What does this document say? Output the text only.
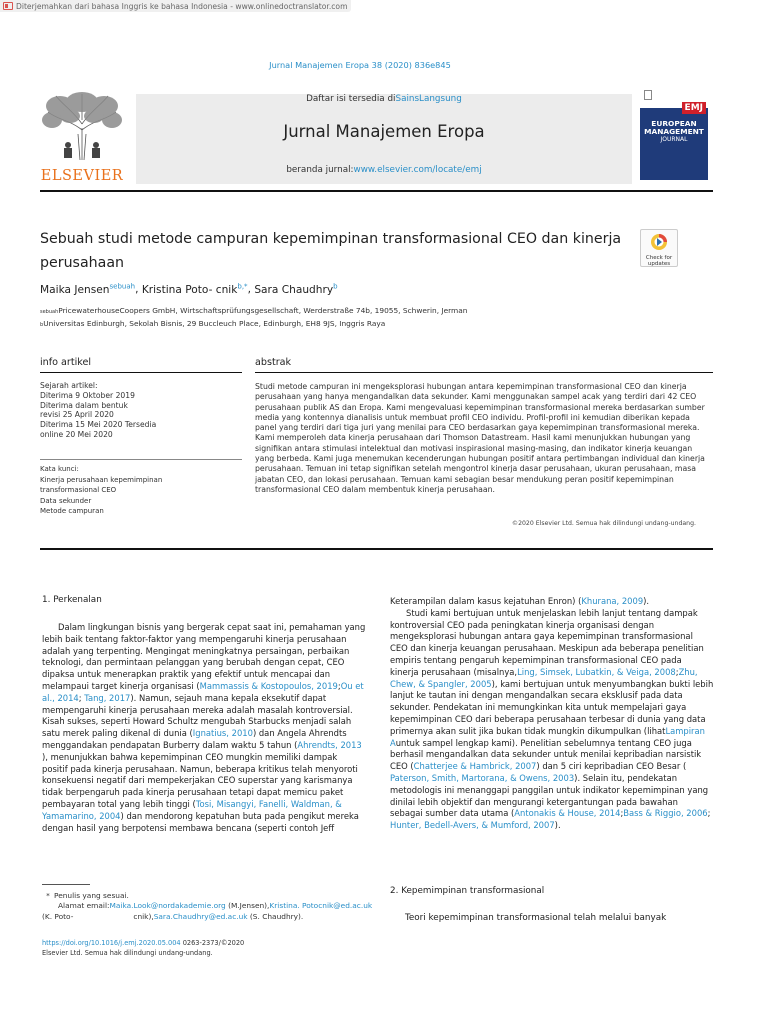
Diterjemahkan dari bahasa Inggris ke bahasa Indonesia - www.onlinedoctranslator.com
Jurnal Manajemen Eropa 38 (2020) 836e845
ELSEVIER
Daftar isi tersedia diSainsLangsung
Jurnal Manajemen Eropa
beranda jurnal:www.elsevier.com/locate/emj
EMJ
EUROPEAN
MANAGEMENT
JOURNAL
Sebuah studi metode campuran kepemimpinan transformasional CEO dan kinerja perusahaan	Check for
updates
Maika Jensen$^{sebuah}$, Kristina Poto- cnik$^{b,*}$, Sara Chaudhry$^b$
sebuahPricewaterhouseCoopers GmbH, Wirtschaftsprüfungsgesellschaft, Werderstraße 74b, 19055, Schwerin, Jerman
bUniversitas Edinburgh, Sekolah Bisnis, 29 Buccleuch Place, Edinburgh, EH8 9JS, Inggris Raya
info artikel
Sejarah artikel:
Diterima 9 Oktober 2019
Diterima dalam bentuk
revisi 25 April 2020
Diterima 15 Mei 2020 Tersedia
online 20 Mei 2020
Kata kunci:
Kinerja perusahaan kepemimpinan
transformasional CEO
Data sekunder
Metode campuran
abstrak
Studi metode campuran ini mengeksplorasi hubungan antara kepemimpinan transformasional CEO dan kinerja
perusahaan yang hanya mengandalkan data sekunder. Kami menggunakan sampel acak yang terdiri dari 42 CEO
perusahaan publik AS dan Eropa. Kami mengevaluasi kepemimpinan transformasional mereka berdasarkan sumber
media yang kontennya dianalisis untuk membuat profil CEO individu. Profil-profil ini kemudian diberikan kepada
panel yang terdiri dari tiga juri yang menilai para CEO berdasarkan gaya kepemimpinan transformasional mereka.
Kami memperoleh data kinerja perusahaan dari Thomson Datastream. Hasil kami menunjukkan hubungan yang
signifikan antara stimulasi intelektual dan motivasi inspirasional masing-masing, dan indikator kinerja keuangan
yang berbeda. Kami juga menemukan kecenderungan hubungan positif antara pertimbangan individual dan kinerja
perusahaan. Temuan ini tetap signifikan setelah mengontrol kinerja dasar perusahaan, ukuran perusahaan, masa
jabatan CEO, dan lokasi perusahaan. Temuan kami sebagian besar mendukung peran positif kepemimpinan
transformasional CEO dalam membentuk kinerja perusahaan.
©2020 Elsevier Ltd. Semua hak dilindungi undang-undang.
1. Perkenalan
Dalam lingkungan bisnis yang bergerak cepat saat ini, pemahaman yang
lebih baik tentang faktor-faktor yang mempengaruhi kinerja perusahaan
adalah yang terpenting. Mengingat meningkatnya persaingan, perbaikan
teknologi, dan permintaan pelanggan yang berubah dengan cepat, CEO
dipaksa untuk menerapkan praktik yang efektif untuk mencapai dan
melampaui target kinerja organisasi (Mammassis & Kostopoulos, 2019;Ou et
al., 2014; Tang, 2017). Namun, sejauh mana kepala eksekutif dapat
mempengaruhi kinerja perusahaan mereka adalah masalah kontroversial.
Kisah sukses, seperti Howard Schultz mengubah Starbucks menjadi salah
satu merek paling dikenal di dunia (Ignatius, 2010) dan Angela Ahrendts
menggandakan pendapatan Burberry dalam waktu 5 tahun (Ahrendts, 2013
), menunjukkan bahwa kepemimpinan CEO mungkin memiliki dampak
positif pada kinerja perusahaan. Namun, beberapa kritikus telah menyoroti
konsekuensi negatif dari mempekerjakan CEO superstar yang karismanya
tidak berpengaruh pada kinerja perusahaan tetapi dapat memicu paket
pembayaran total yang lebih tinggi (Tosi, Misangyi, Fanelli, Waldman, &
Yamamarino, 2004) dan mendorong kepatuhan buta pada pengikut mereka
dengan hasil yang berpotensi membawa bencana (seperti contoh Jeff
* Penulis yang sesuai.
Alamat email:Maika.Look@nordakademie.org (M.Jensen),Kristina. Potocnik@ed.ac.uk
(K. Poto-	cnik),Sara.Chaudhry@ed.ac.uk (S. Chaudhry).
https://doi.org/10.1016/j.emj.2020.05.004 0263-2373/©2020
Elsevier Ltd. Semua hak dilindungi undang-undang.
Keterampilan dalam kasus kejatuhan Enron) (Khurana, 2009).
Studi kami bertujuan untuk menjelaskan lebih lanjut tentang dampak
kontroversial CEO pada peningkatan kinerja organisasi dengan
mengeksplorasi hubungan antara gaya kepemimpinan transformasional
CEO dan kinerja keuangan perusahaan. Meskipun ada beberapa penelitian
empiris tentang pengaruh kepemimpinan transformasional CEO pada
kinerja perusahaan (misalnya,Ling, Simsek, Lubatkin, & Veiga, 2008;Zhu,
Chew, & Spangler, 2005), kami bertujuan untuk menyumbangkan bukti lebih
lanjut ke tautan ini dengan mengandalkan secara eksklusif pada data
sekunder. Pendekatan ini memungkinkan kita untuk mempelajari gaya
kepemimpinan CEO dari beberapa perusahaan terbesar di dunia yang data
primernya akan sulit jika bukan tidak mungkin dikumpulkan (lihatLampiran
Auntuk sampel lengkap kami). Penelitian sebelumnya tentang CEO juga
berhasil mengandalkan data sekunder untuk menilai kepribadian narsistik
CEO (Chatterjee & Hambrick, 2007) dan 5 ciri kepribadian CEO Besar (
Paterson, Smith, Martorana, & Owens, 2003). Selain itu, pendekatan
metodologis ini menanggapi panggilan untuk indikator kepemimpinan yang
dinilai lebih objektif dan mengurangi ketergantungan pada bawahan
sebagai sumber data utama (Antonakis & House, 2014;Bass & Riggio, 2006;
Hunter, Bedell-Avers, & Mumford, 2007).
2. Kepemimpinan transformasional
Teori kepemimpinan transformasional telah melalui banyak
